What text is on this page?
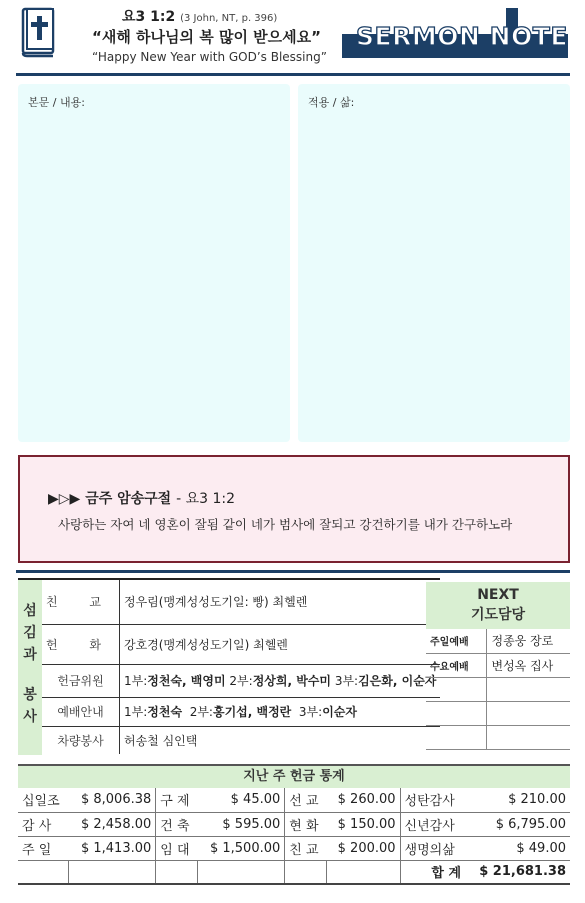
요3 1:2 (3 John, NT, p. 396)
“새해 하나님의 복 많이 받으세요”
“Happy New Year with GOD’s Blessing”
SERMON NOTE
본문 / 내용:	적용 / 삶:
▶▷▶ 금주 암송구절 - 요3 1:2
사랑하는 자여 네 영혼이 잘됨 같이 네가 범사에 잘되고 강건하기를 내가 간구하노라
섬
김
과
봉
사
친 교	정우림(맹계성성도기일: 빵) 최헬렌
헌 화	강호경(맹계성성도기일) 최헬렌
헌금위원	1부:정천숙, 백영미 2부:정상희, 박수미 3부:김은화, 이순자
예배안내	1부:정천숙 2부:홍기섭, 백정란 3부:이순자
차량봉사	허송철 심인택
NEXT
기도담당
주일예배	정종웅 장로
수요예배	변성옥 집사

지난 주 헌금 통계
십일조	$ 8,006.38	구 제	$ 45.00	선 교	$ 260.00	성탄감사	$ 210.00
감 사	$ 2,458.00	건 축	$ 595.00	현 화	$ 150.00	신년감사	$ 6,795.00
주 일	$ 1,413.00	임 대	$ 1,500.00	친 교	$ 200.00	생명의삶	$ 49.00
						합 계	$ 21,681.38
